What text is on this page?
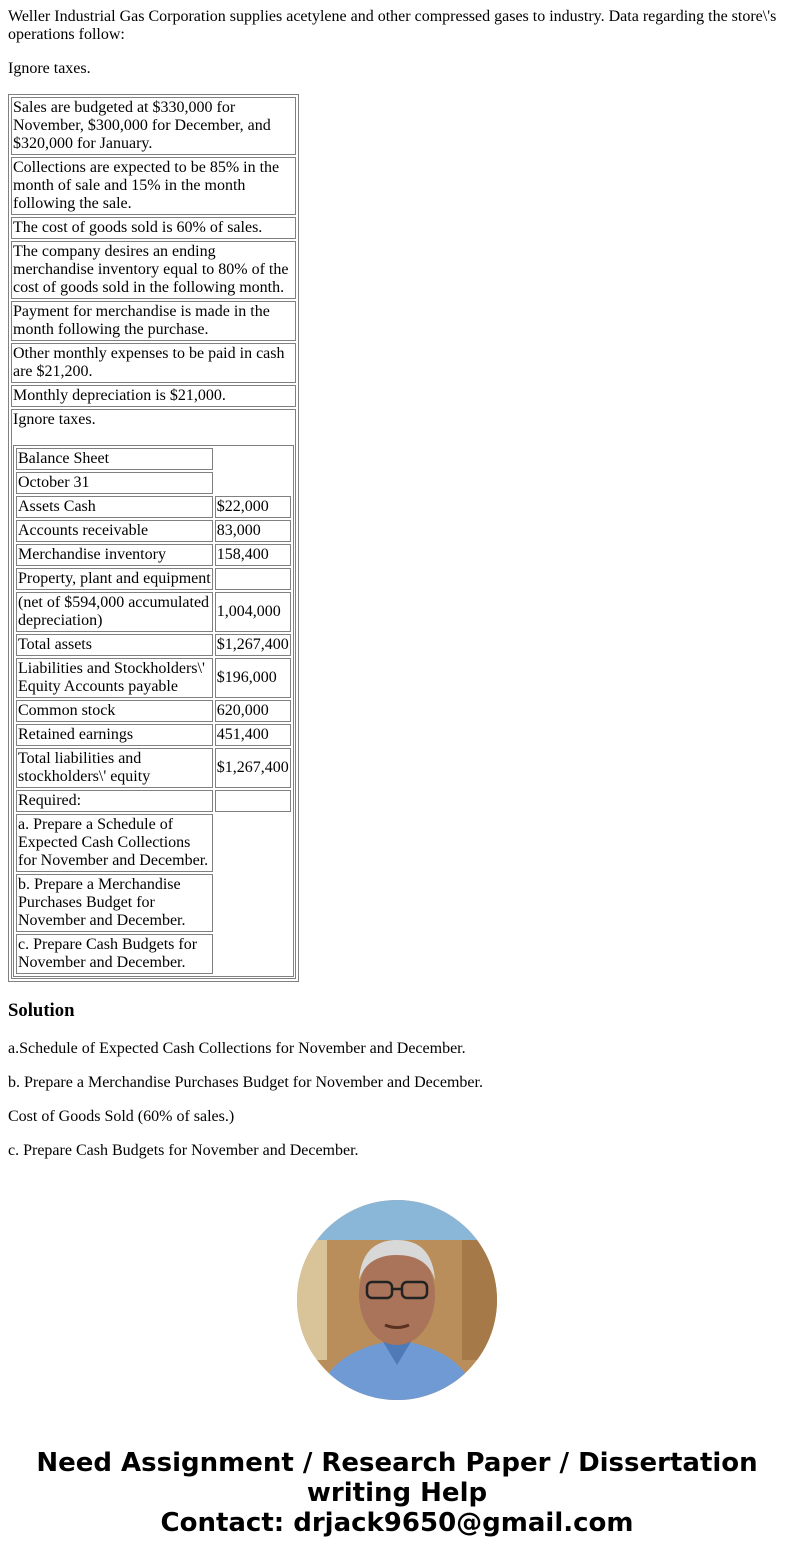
Weller Industrial Gas Corporation supplies acetylene and other compressed gases to industry. Data regarding the store\'s operations follow:

Ignore taxes.

Sales are budgeted at $330,000 for November, $300,000 for December, and $320,000 for January.
Collections are expected to be 85% in the month of sale and 15% in the month following the sale.
The cost of goods sold is 60% of sales.
The company desires an ending merchandise inventory equal to 80% of the cost of goods sold in the following month.
Payment for merchandise is made in the month following the purchase.
Other monthly expenses to be paid in cash are $21,200.
Monthly depreciation is $21,000.

Ignore taxes.
Balance Sheet	
October 31	
Assets Cash	$22,000
Accounts receivable	83,000
Merchandise inventory	158,400
Property, plant and equipment	
(net of $594,000 accumulated depreciation)	1,004,000
Total assets	$1,267,400
Liabilities and Stockholders\' Equity Accounts payable	$196,000
Common stock	620,000
Retained earnings	451,400
Total liabilities and stockholders\' equity	$1,267,400
Required:	
a. Prepare a Schedule of Expected Cash Collections for November and December.	
b. Prepare a Merchandise Purchases Budget for November and December.	
c. Prepare Cash Budgets for November and December.	
Solution

a.Schedule of Expected Cash Collections for November and December.

b. Prepare a Merchandise Purchases Budget for November and December.

Cost of Goods Sold (60% of sales.)

c. Prepare Cash Budgets for November and December.

Need Assignment / Research Paper / Dissertation writing Help
Contact: drjack9650@gmail.com
